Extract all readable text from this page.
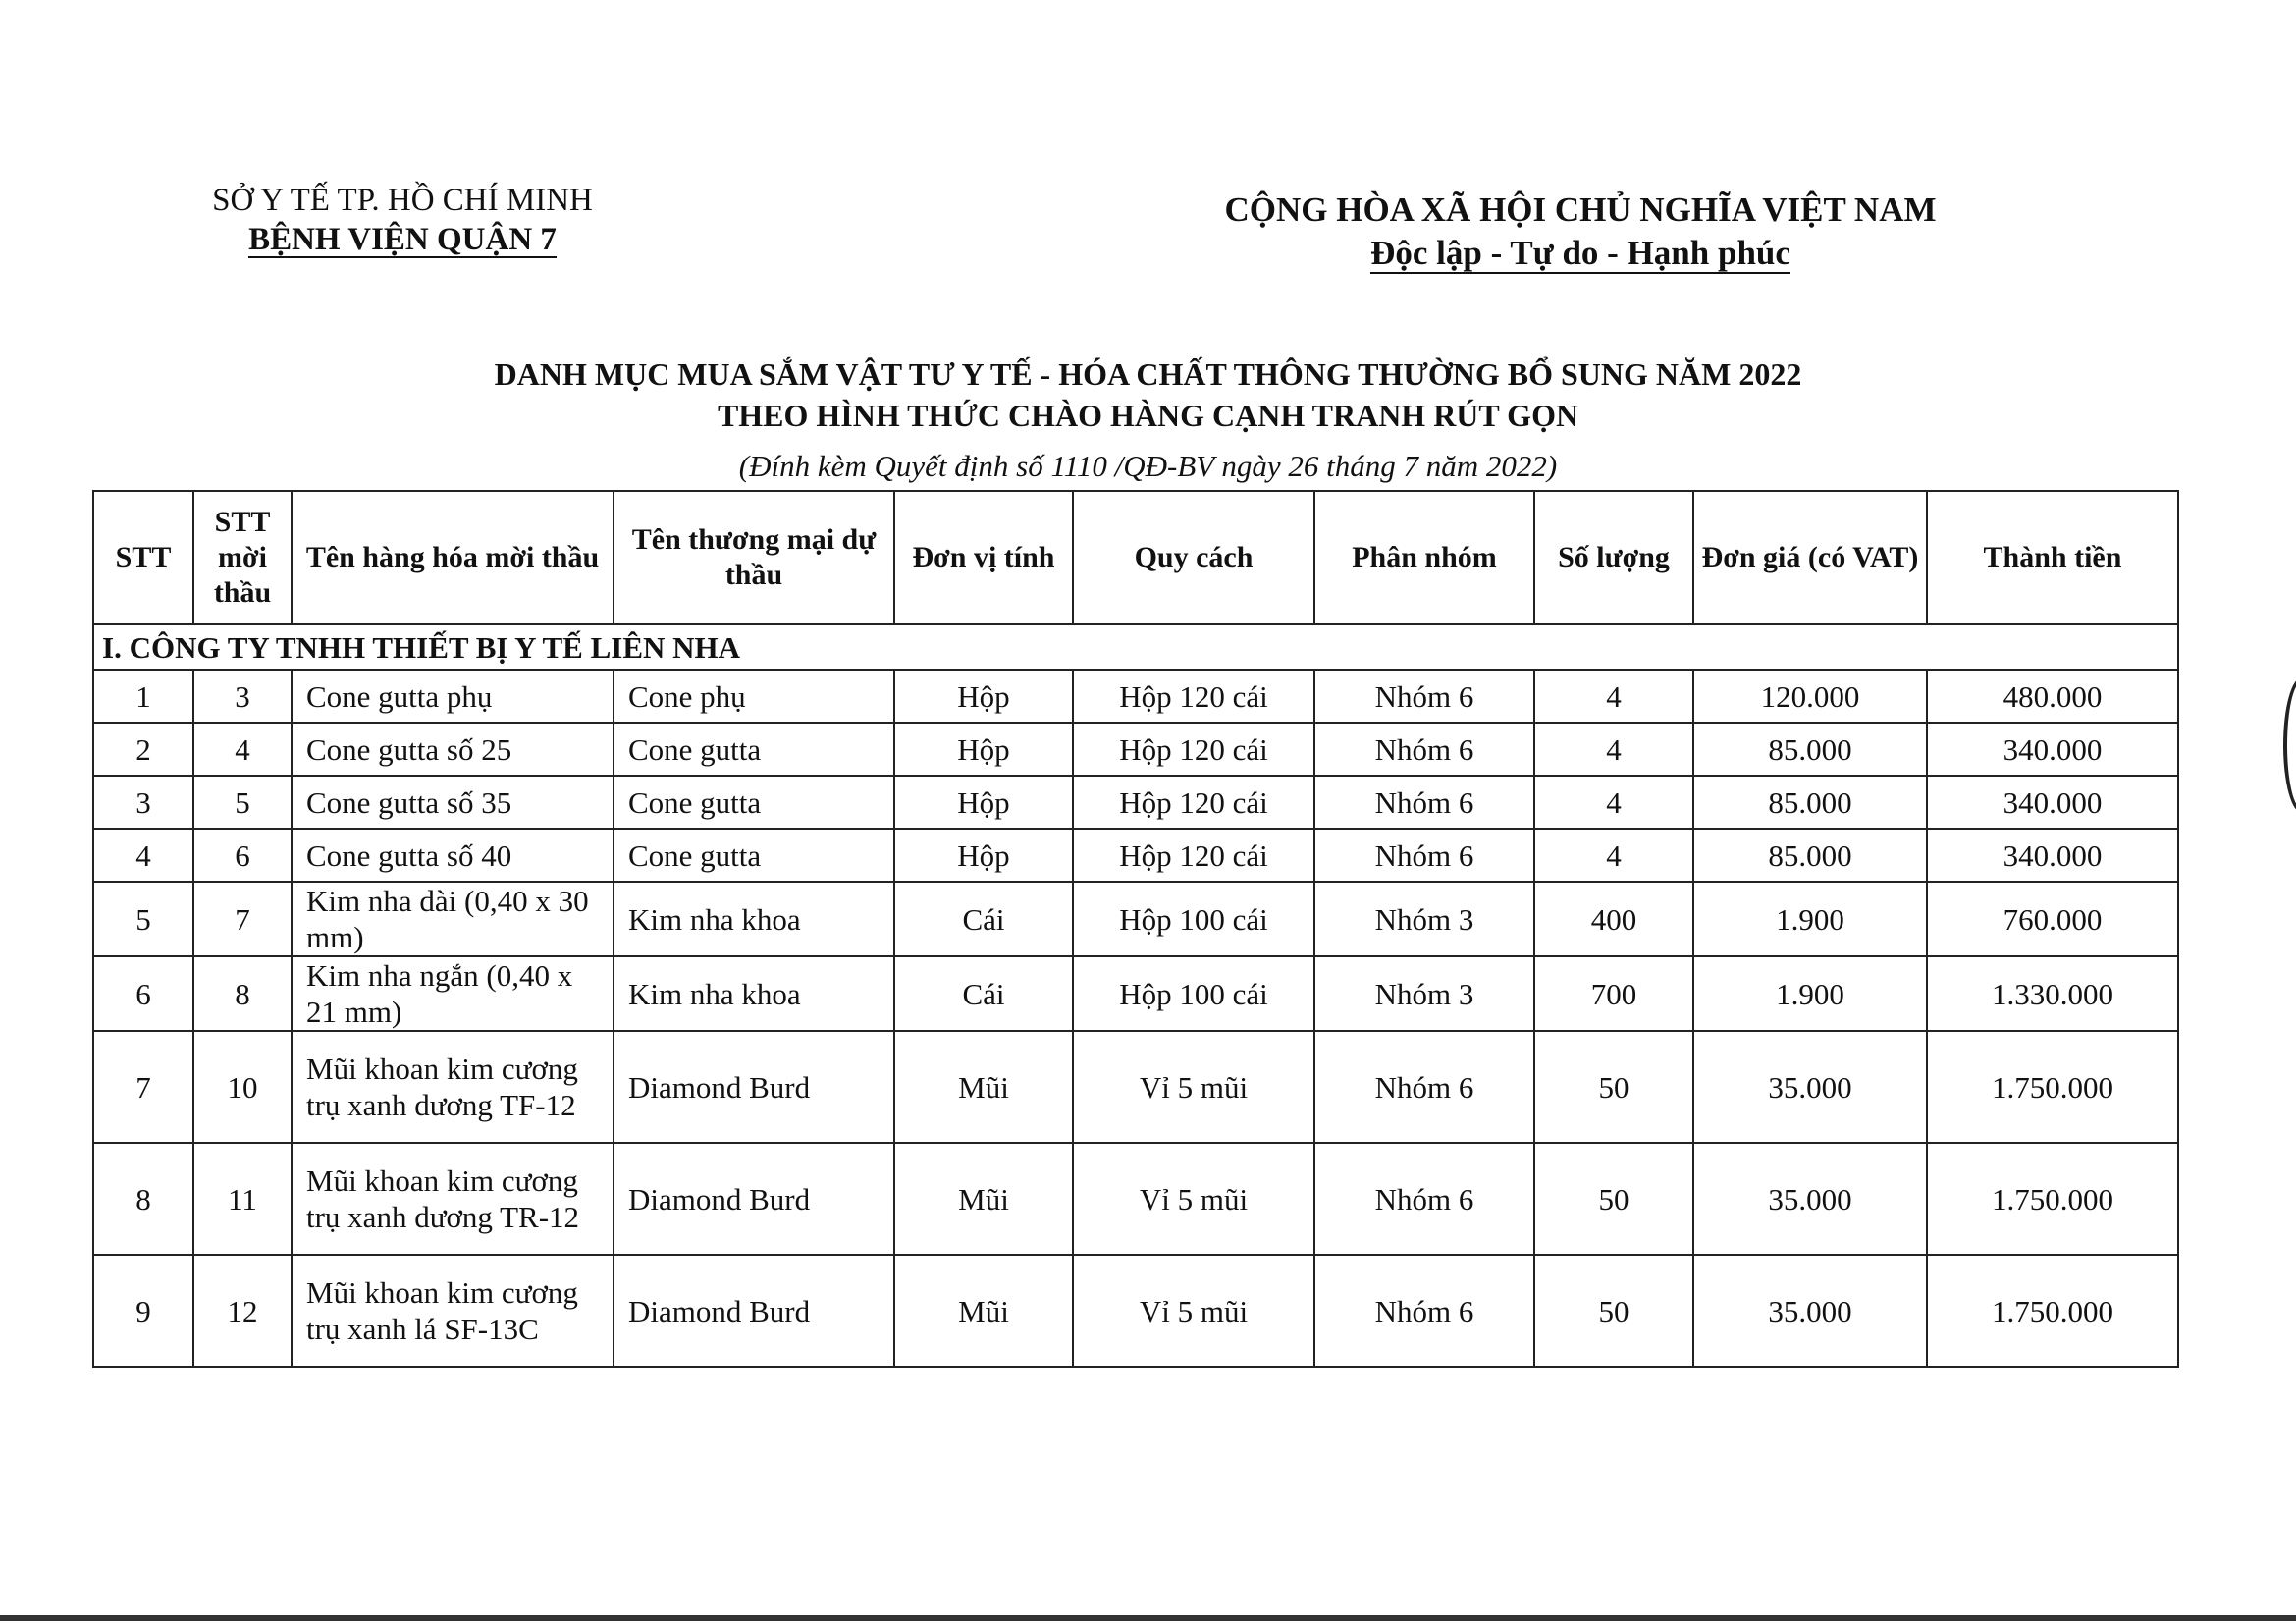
SỞ Y TẾ TP. HỒ CHÍ MINH
BỆNH VIỆN QUẬN 7
CỘNG HÒA XÃ HỘI CHỦ NGHĨA VIỆT NAM
Độc lập - Tự do - Hạnh phúc
DANH MỤC MUA SẮM VẬT TƯ Y TẾ - HÓA CHẤT THÔNG THƯỜNG BỔ SUNG NĂM 2022
THEO HÌNH THỨC CHÀO HÀNG CẠNH TRANH RÚT GỌN
(Đính kèm Quyết định số 1110 /QĐ-BV ngày 26 tháng 7 năm 2022)
STT	STT mời thầu	Tên hàng hóa mời thầu	Tên thương mại dự thầu	Đơn vị tính	Quy cách	Phân nhóm	Số lượng	Đơn giá (có VAT)	Thành tiền
I. CÔNG TY TNHH THIẾT BỊ Y TẾ LIÊN NHA									
1	3	Cone gutta phụ	Cone phụ	Hộp	Hộp 120 cái	Nhóm 6	4	120.000	480.000
2	4	Cone gutta số 25	Cone gutta	Hộp	Hộp 120 cái	Nhóm 6	4	85.000	340.000
3	5	Cone gutta số 35	Cone gutta	Hộp	Hộp 120 cái	Nhóm 6	4	85.000	340.000
4	6	Cone gutta số 40	Cone gutta	Hộp	Hộp 120 cái	Nhóm 6	4	85.000	340.000
5	7	Kim nha dài (0,40 x 30 mm)	Kim nha khoa	Cái	Hộp 100 cái	Nhóm 3	400	1.900	760.000
6	8	Kim nha ngắn (0,40 x 21 mm)	Kim nha khoa	Cái	Hộp 100 cái	Nhóm 3	700	1.900	1.330.000
7	10	Mũi khoan kim cương trụ xanh dương TF-12	Diamond Burd	Mũi	Vỉ 5 mũi	Nhóm 6	50	35.000	1.750.000
8	11	Mũi khoan kim cương trụ xanh dương TR-12	Diamond Burd	Mũi	Vỉ 5 mũi	Nhóm 6	50	35.000	1.750.000
9	12	Mũi khoan kim cương trụ xanh lá SF-13C	Diamond Burd	Mũi	Vỉ 5 mũi	Nhóm 6	50	35.000	1.750.000
